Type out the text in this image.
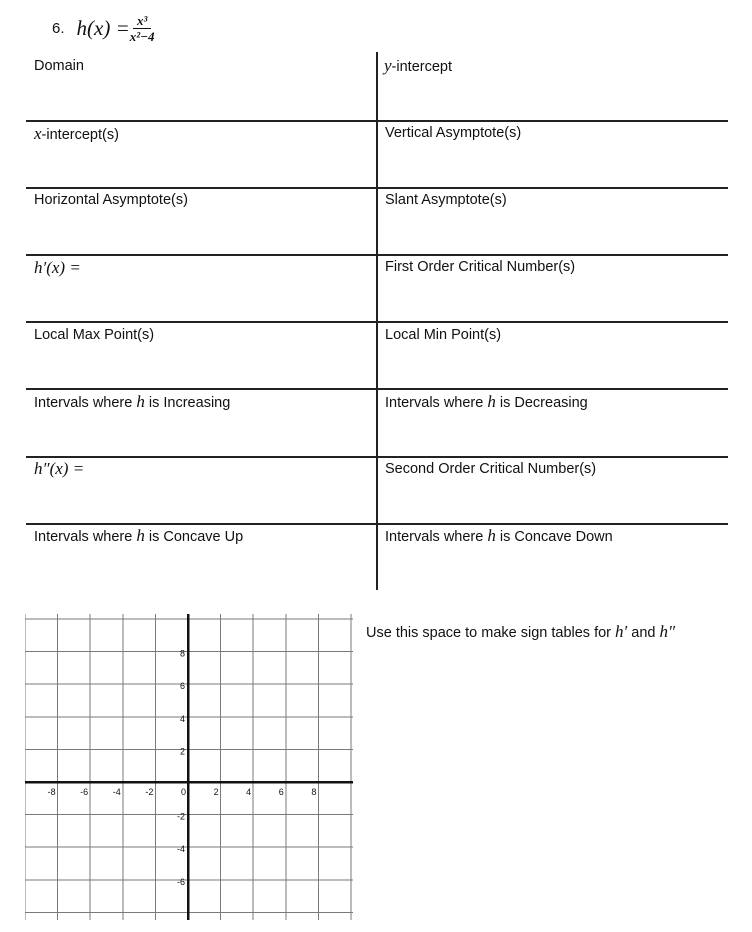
6. $h(x) = \frac{\text{x³}}{\text{x²−4}}$
Domain	y-intercept
x-intercept(s)	Vertical Asymptote(s)
Horizontal Asymptote(s)	Slant Asymptote(s)
h′(x) =	First Order Critical Number(s)
Local Max Point(s)	Local Min Point(s)
Intervals where h is Increasing	Intervals where h is Decreasing
h″(x) =	Second Order Critical Number(s)
Intervals where h is Concave Up	Intervals where h is Concave Down
-8	-6	-4	-2	0	2	4	6	8
8
6
4
2
-2
-4
-6
Use this space to make sign tables for h′ and h″
